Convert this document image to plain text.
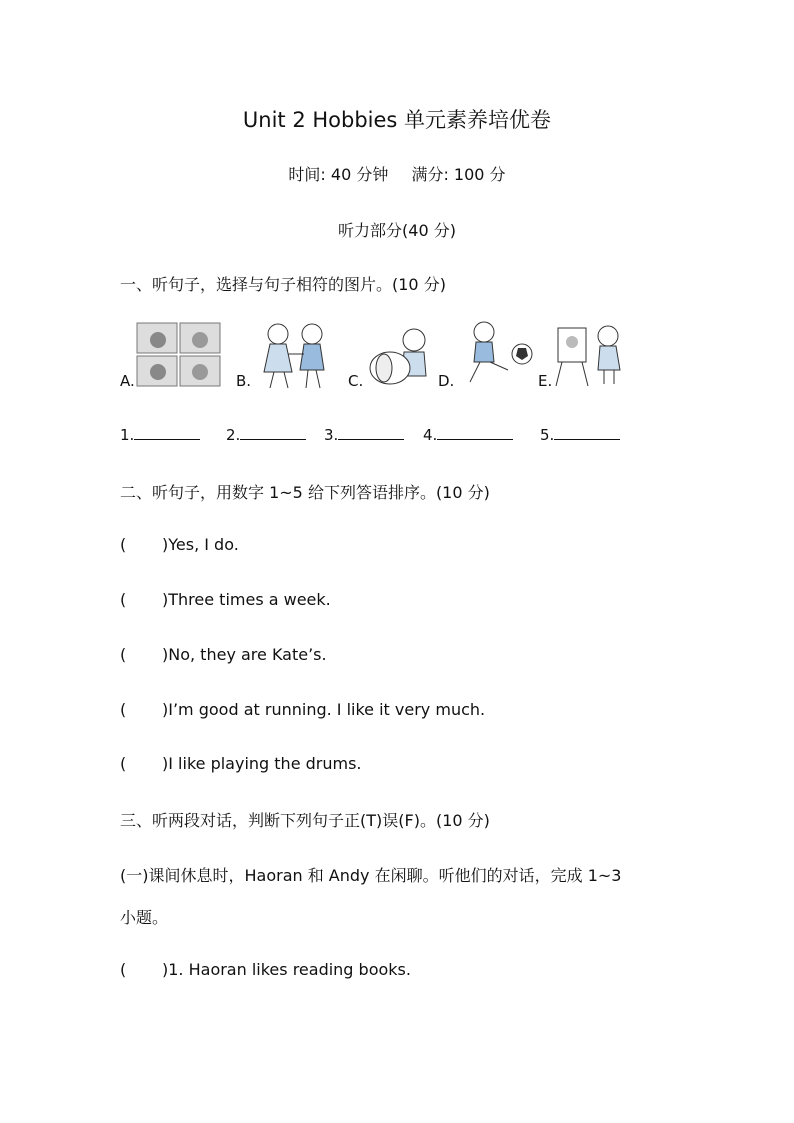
Unit 2 Hobbies 单元素养培优卷
时间: 40 分钟 满分: 100 分
听力部分(40 分)
一、听句子，选择与句子相符的图片。(10 分)
A.	B.	C.	D.	E.
1.	2.	3.	4.	5.
二、听句子，用数字 1~5 给下列答语排序。(10 分)
( )Yes, I do.
( )Three times a week.
( )No, they are Kate’s.
( )I’m good at running. I like it very much.
( )I like playing the drums.
三、听两段对话，判断下列句子正(T)误(F)。(10 分)
(一)课间休息时，Haoran 和 Andy 在闲聊。听他们的对话，完成 1~3
小题。
( )1. Haoran likes reading books.
